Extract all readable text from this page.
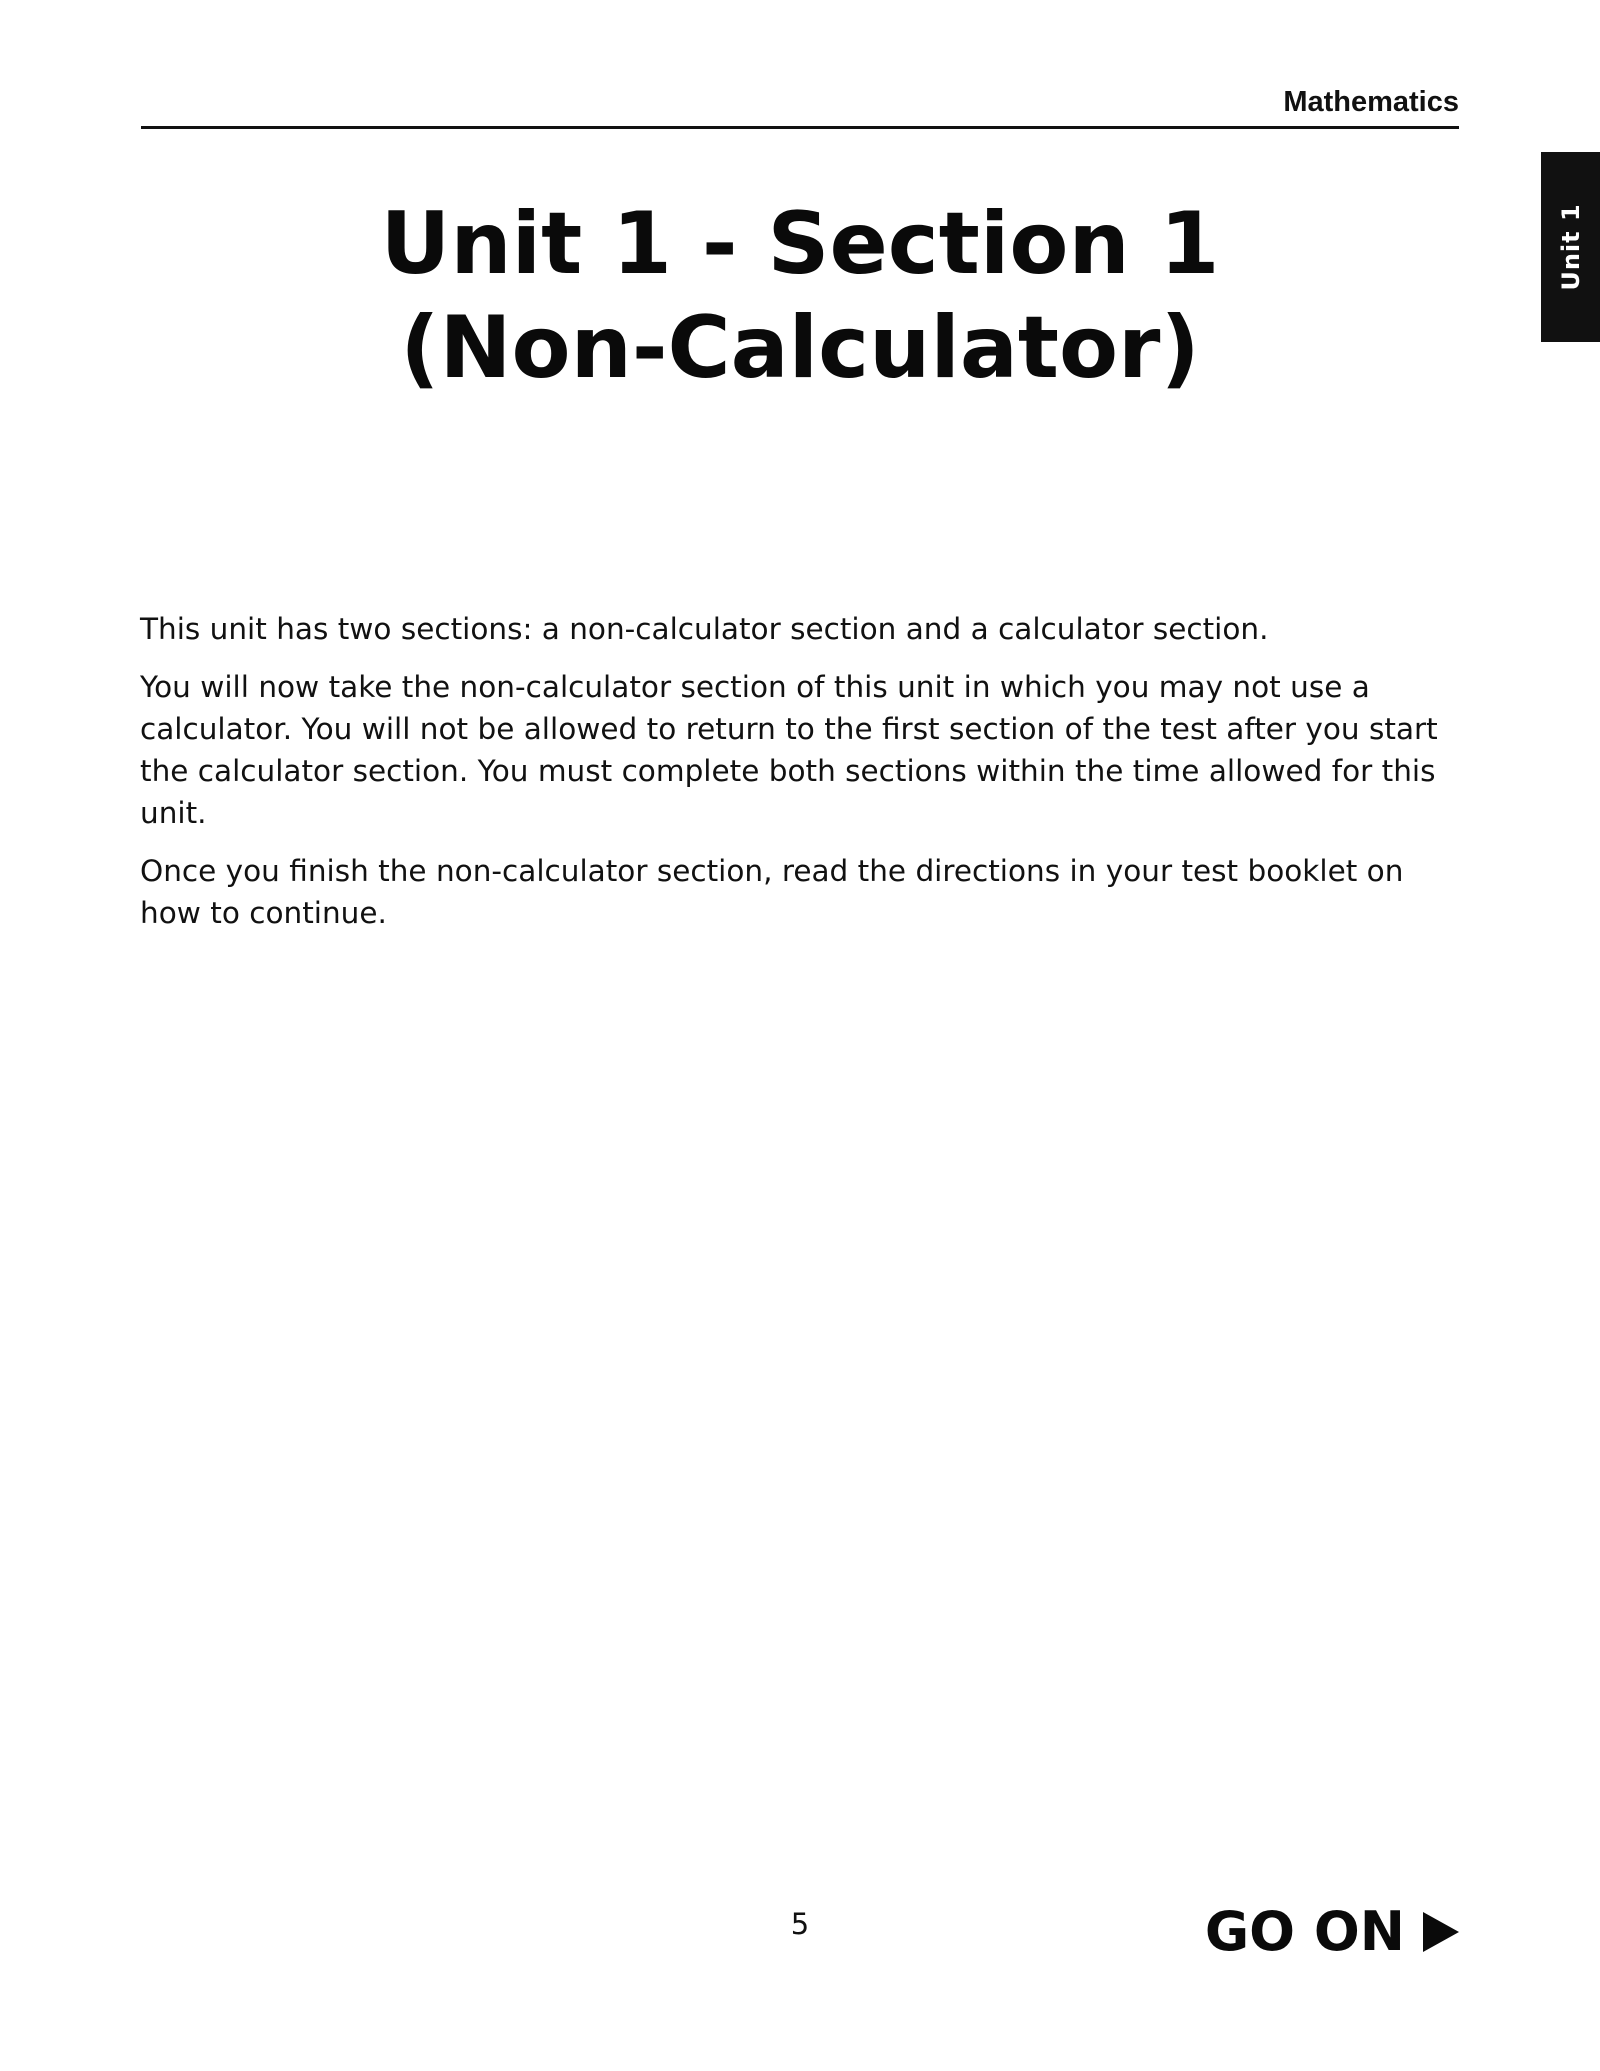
Mathematics
Unit 1
Unit 1 - Section 1
(Non-Calculator)

This unit has two sections: a non-calculator section and a calculator section.

You will now take the non-calculator section of this unit in which you may not use a calculator. You will not be allowed to return to the first section of the test after you start the calculator section. You must complete both sections within the time allowed for this unit.

Once you finish the non-calculator section, read the directions in your test booklet on how to continue.

5	GO ON
